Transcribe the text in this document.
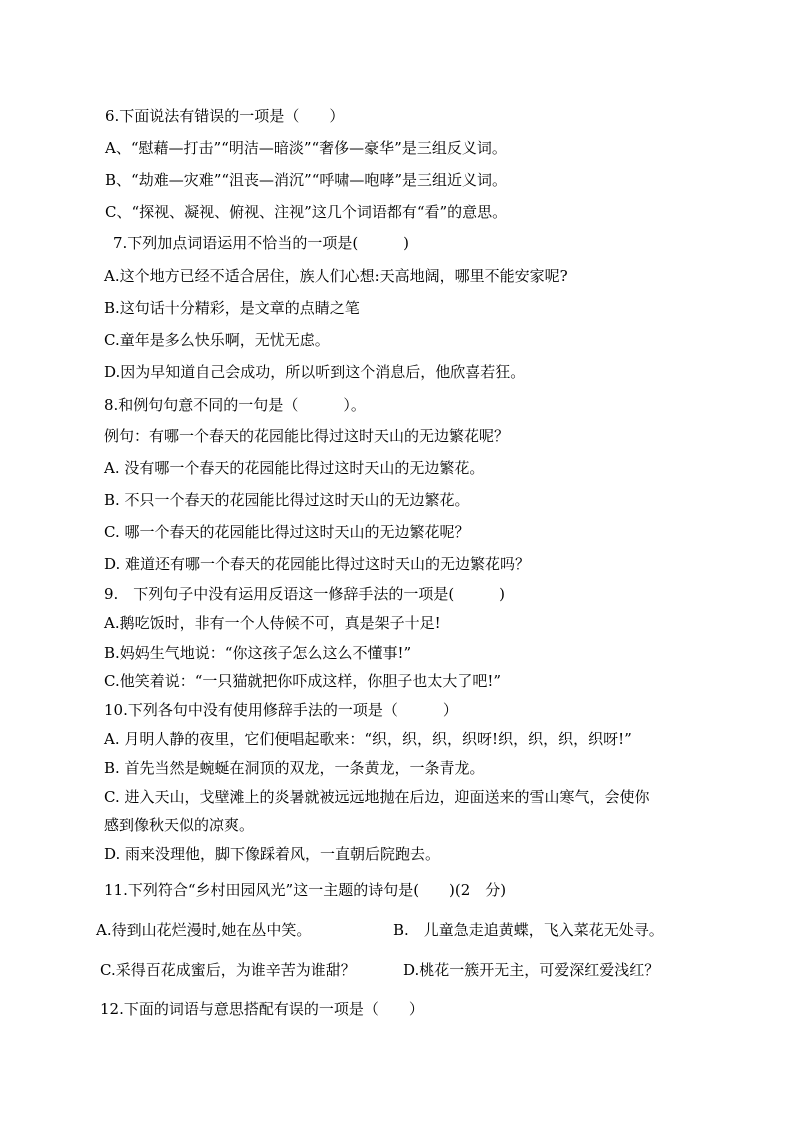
6.下面说法有错误的一项是（　　）
A、“慰藉—打击”“明洁—暗淡”“奢侈—豪华”是三组反义词。
B、“劫难—灾难”“沮丧—消沉”“呼啸—咆哮”是三组近义词。
C、“探视、凝视、俯视、注视”这几个词语都有“看”的意思。
7.下列加点词语运用不恰当的一项是(　　　)
A.这个地方已经不适合居住，族人们心想:天高地阔，哪里不能安家呢?
B.这句话十分精彩，是文章的点睛之笔
C.童年是多么快乐啊，无忧无虑。
D.因为早知道自己会成功，所以听到这个消息后，他欣喜若狂。
8.和例句句意不同的一句是（　　　）。
例句：有哪一个春天的花园能比得过这时天山的无边繁花呢？
A. 没有哪一个春天的花园能比得过这时天山的无边繁花。
B. 不只一个春天的花园能比得过这时天山的无边繁花。
C. 哪一个春天的花园能比得过这时天山的无边繁花呢？
D. 难道还有哪一个春天的花园能比得过这时天山的无边繁花吗？
9.　下列句子中没有运用反语这一修辞手法的一项是(　　　)
A.鹅吃饭时，非有一个人侍候不可，真是架子十足!
B.妈妈生气地说：“你这孩子怎么这么不懂事!”
C.他笑着说：“一只猫就把你吓成这样，你胆子也太大了吧!”
10.下列各句中没有使用修辞手法的一项是（　　　）
A. 月明人静的夜里，它们便唱起歌来：“织，织，织，织呀!织，织，织，织呀!”
B. 首先当然是蜿蜒在洞顶的双龙，一条黄龙，一条青龙。
C. 进入天山，戈壁滩上的炎暑就被远远地抛在后边，迎面送来的雪山寒气，会使你
感到像秋天似的凉爽。
D. 雨来没理他，脚下像踩着风，一直朝后院跑去。
11.下列符合“乡村田园风光”这一主题的诗句是(　　)(2　分)
A.待到山花烂漫时,她在丛中笑。	B.　儿童急走追黄蝶，飞入菜花无处寻。
C.采得百花成蜜后，为谁辛苦为谁甜？	D.桃花一簇开无主，可爱深红爱浅红？
12.下面的词语与意思搭配有误的一项是（　　）
